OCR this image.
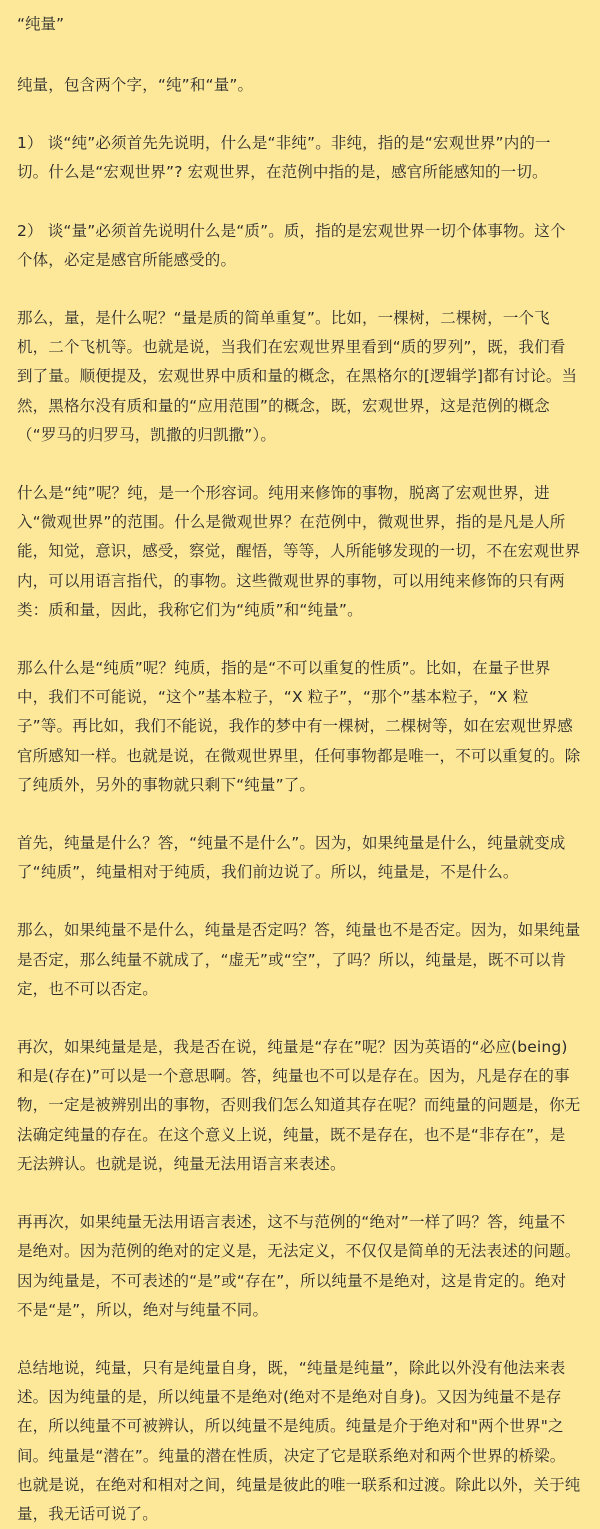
“纯量”

纯量，包含两个字，“纯”和“量”。

1） 谈“纯”必须首先先说明，什么是“非纯”。非纯，指的是“宏观世界”内的一切。什么是“宏观世界”? 宏观世界，在范例中指的是，感官所能感知的一切。

2） 谈“量”必须首先说明什么是“质”。质，指的是宏观世界一切个体事物。这个个体，必定是感官所能感受的。

那么，量，是什么呢？“量是质的简单重复”。比如，一棵树，二棵树，一个飞机，二个飞机等。也就是说，当我们在宏观世界里看到“质的罗列”，既，我们看到了量。顺便提及，宏观世界中质和量的概念，在黑格尔的[逻辑学]都有讨论。当然，黑格尔没有质和量的“应用范围”的概念，既，宏观世界，这是范例的概念（“罗马的归罗马，凯撒的归凯撒”）。

什么是“纯”呢？纯，是一个形容词。纯用来修饰的事物，脱离了宏观世界，进入“微观世界”的范围。什么是微观世界？在范例中，微观世界，指的是凡是人所能，知觉，意识，感受，察觉，醒悟，等等，人所能够发现的一切，不在宏观世界内，可以用语言指代，的事物。这些微观世界的事物，可以用纯来修饰的只有两类：质和量，因此，我称它们为“纯质”和“纯量”。

那么什么是“纯质”呢？纯质，指的是“不可以重复的性质”。比如，在量子世界中，我们不可能说，“这个”基本粒子，“X 粒子”，“那个”基本粒子，“X 粒子”等。再比如，我们不能说，我作的梦中有一棵树，二棵树等，如在宏观世界感官所感知一样。也就是说，在微观世界里，任何事物都是唯一，不可以重复的。除了纯质外，另外的事物就只剩下“纯量”了。

首先，纯量是什么？答，“纯量不是什么”。因为，如果纯量是什么，纯量就变成了“纯质”，纯量相对于纯质，我们前边说了。所以，纯量是，不是什么。

那么，如果纯量不是什么，纯量是否定吗？答，纯量也不是否定。因为，如果纯量是否定，那么纯量不就成了，“虚无”或“空”，了吗？所以，纯量是，既不可以肯定，也不可以否定。

再次，如果纯量是是，我是否在说，纯量是“存在”呢？因为英语的“必应(being)和是(存在)”可以是一个意思啊。答，纯量也不可以是存在。因为，凡是存在的事物，一定是被辨别出的事物，否则我们怎么知道其存在呢？而纯量的问题是，你无法确定纯量的存在。在这个意义上说，纯量，既不是存在，也不是“非存在”，是无法辨认。也就是说，纯量无法用语言来表述。

再再次，如果纯量无法用语言表述，这不与范例的“绝对”一样了吗？答，纯量不是绝对。因为范例的绝对的定义是，无法定义，不仅仅是简单的无法表述的问题。因为纯量是，不可表述的“是”或“存在”，所以纯量不是绝对，这是肯定的。绝对不是“是”，所以，绝对与纯量不同。

总结地说，纯量，只有是纯量自身，既，“纯量是纯量”，除此以外没有他法来表述。因为纯量的是，所以纯量不是绝对(绝对不是绝对自身)。又因为纯量不是存在，所以纯量不可被辨认，所以纯量不是纯质。纯量是介于绝对和"两个世界"之间。纯量是“潜在”。纯量的潜在性质，决定了它是联系绝对和两个世界的桥梁。也就是说，在绝对和相对之间，纯量是彼此的唯一联系和过渡。除此以外，关于纯量，我无话可说了。
